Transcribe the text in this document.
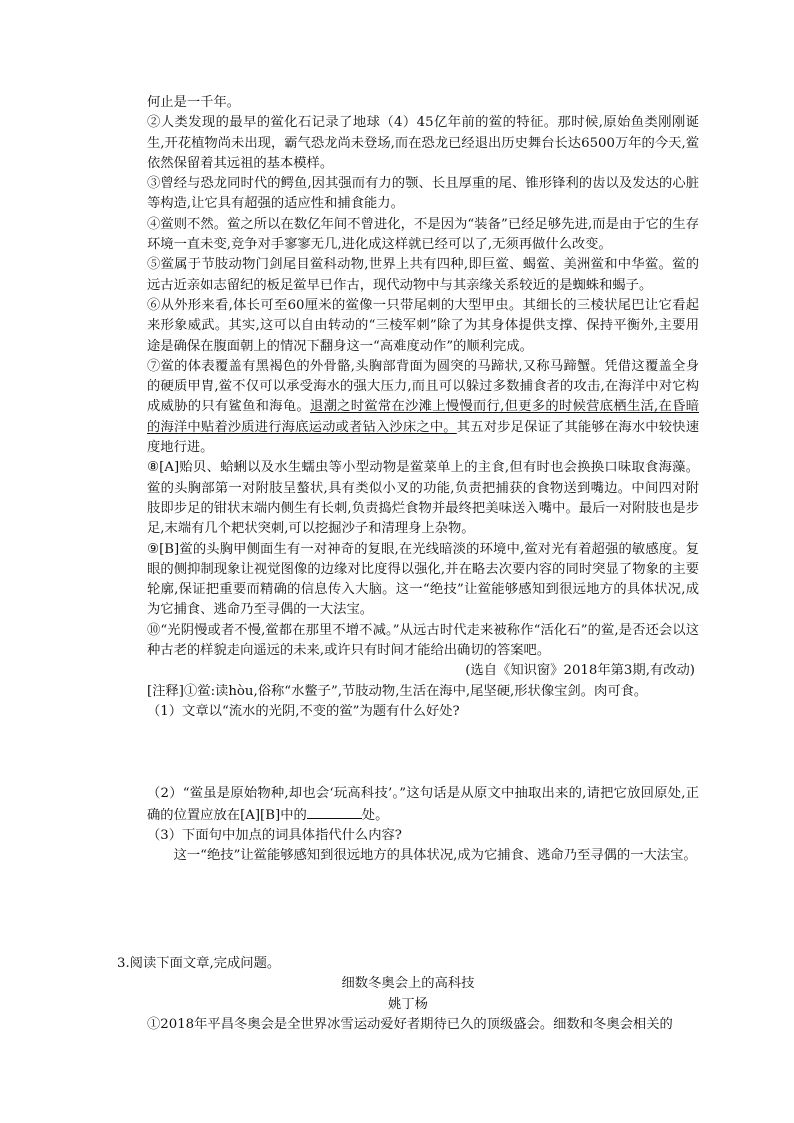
何止是一千年。

②人类发现的最早的鲎化石记录了地球（4）45亿年前的鲎的特征。那时候,原始鱼类刚刚诞生,开花植物尚未出现，霸气恐龙尚未登场,而在恐龙已经退出历史舞台长达6500万年的今天,鲎依然保留着其远祖的基本模样。

③曾经与恐龙同时代的鳄鱼,因其强而有力的颚、长且厚重的尾、锥形锋利的齿以及发达的心脏等构造,让它具有超强的适应性和捕食能力。

④鲎则不然。鲎之所以在数亿年间不曾进化，不是因为“装备”已经足够先进,而是由于它的生存环境一直未变,竞争对手寥寥无几,进化成这样就已经可以了,无须再做什么改变。

⑤鲎属于节肢动物门剑尾目鲎科动物,世界上共有四种,即巨鲎、蝎鲎、美洲鲎和中华鲎。鲎的远古近亲如志留纪的板足鲎早已作古，现代动物中与其亲缘关系较近的是蜘蛛和蝎子。

⑥从外形来看,体长可至60厘米的鲎像一只带尾刺的大型甲虫。其细长的三棱状尾巴让它看起来形象威武。其实,这可以自由转动的“三棱军刺”除了为其身体提供支撑、保持平衡外,主要用途是确保在腹面朝上的情况下翻身这一“高难度动作”的顺利完成。

⑦鲎的体表覆盖有黑褐色的外骨骼,头胸部背面为圆突的马蹄状,又称马蹄蟹。凭借这覆盖全身的硬质甲胄,鲎不仅可以承受海水的强大压力,而且可以躲过多数捕食者的攻击,在海洋中对它构成威胁的只有鲨鱼和海龟。退潮之时鲎常在沙滩上慢慢而行,但更多的时候营底栖生活,在昏暗的海洋中贴着沙质进行海底运动或者钻入沙床之中。其五对步足保证了其能够在海水中较快速度地行进。

⑧[A]贻贝、蛤蜊以及水生蠕虫等小型动物是鲎菜单上的主食,但有时也会换换口味取食海藻。鲎的头胸部第一对附肢呈螯状,具有类似小叉的功能,负责把捕获的食物送到嘴边。中间四对附肢即步足的钳状末端内侧生有长刺,负责捣烂食物并最终把美味送入嘴中。最后一对附肢也是步足,末端有几个耙状突刺,可以挖掘沙子和清理身上杂物。

⑨[B]鲎的头胸甲侧面生有一对神奇的复眼,在光线暗淡的环境中,鲎对光有着超强的敏感度。复眼的侧抑制现象让视觉图像的边缘对比度得以强化,并在略去次要内容的同时突显了物象的主要轮廓,保证把重要而精确的信息传入大脑。这一“绝技”让鲎能够感知到很远地方的具体状况,成为它捕食、逃命乃至寻偶的一大法宝。

⑩“光阴慢或者不慢,鲎都在那里不增不减。”从远古时代走来被称作“活化石”的鲎,是否还会以这种古老的样貌走向遥远的未来,或许只有时间才能给出确切的答案吧。

(选自《知识窗》2018年第3期,有改动)

[注释]①鲎:读hòu,俗称“水鳖子”,节肢动物,生活在海中,尾坚硬,形状像宝剑。肉可食。

（1）文章以“流水的光阴,不变的鲎”为题有什么好处?

（2）“鲎虽是原始物种,却也会‘玩高科技’。”这句话是从原文中抽取出来的,请把它放回原处,正确的位置应放在[A][B]中的	处。

（3）下面句中加点的词具体指代什么内容?

这一“绝技”让鲎能够感知到很远地方的具体状况,成为它捕食、逃命乃至寻偶的一大法宝。

3.阅读下面文章,完成问题。

细数冬奥会上的高科技

姚丁杨

①2018年平昌冬奥会是全世界冰雪运动爱好者期待已久的顶级盛会。细数和冬奥会相关的
